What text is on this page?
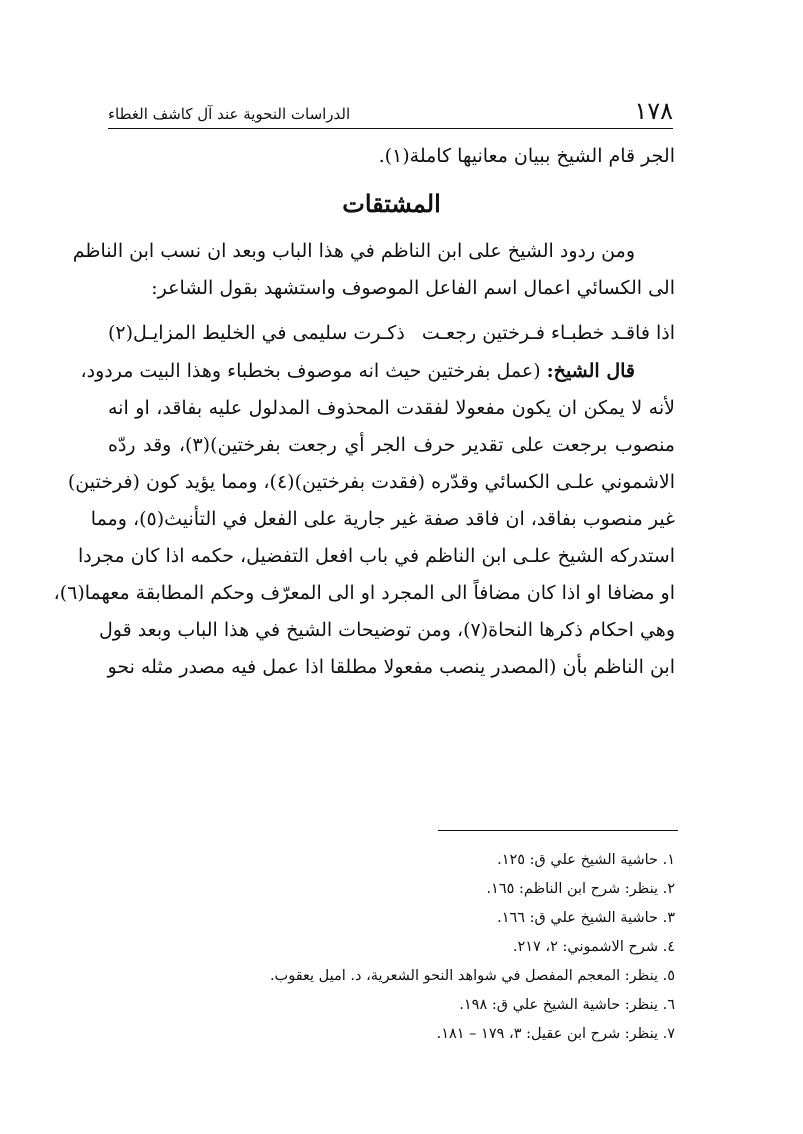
١٧٨
الدراسات النحوية عند آل كاشف الغطاء
الجر قام الشيخ ببيان معانيها كاملة(١).
المشتقات
ومن ردود الشيخ على ابن الناظم في هذا الباب وبعد ان نسب ابن الناظم
الى الكسائي اعمال اسم الفاعل الموصوف واستشهد بقول الشاعر:
اذا فاقـد خطبـاء فـرختين رجعـت
ذكـرت سليمى في الخليط المزايـل(٢)
قال الشيخ: (عمل بفرختين حيث انه موصوف بخطباء وهذا البيت مردود،
لأنه لا يمكن ان يكون مفعولا لفقدت المحذوف المدلول عليه بفاقد، او انه
منصوب برجعت على تقدير حرف الجر أي رجعت بفرختين)(٣)، وقد ردّه
الاشموني علـى الكسائي وقدّره (فقدت بفرختين)(٤)، ومما يؤيد كون (فرختين)
غير منصوب بفاقد، ان فاقد صفة غير جارية على الفعل في التأنيث(٥)، ومما
استدركه الشيخ علـى ابن الناظم في باب افعل التفضيل، حكمه اذا كان مجردا
او مضافا او اذا كان مضافاً الى المجرد او الى المعرّف وحكم المطابقة معهما(٦)،
وهي احكام ذكرها النحاة(٧)، ومن توضيحات الشيخ في هذا الباب وبعد قول
ابن الناظم بأن (المصدر ينصب مفعولا مطلقا اذا عمل فيه مصدر مثله نحو
١. حاشية الشيخ علي ق: ١٢٥.
٢. ينظر: شرح ابن الناظم: ١٦٥.
٣. حاشية الشيخ علي ق: ١٦٦.
٤. شرح الاشموني: ٢، ٢١٧.
٥. ينظر: المعجم المفصل في شواهد النحو الشعرية، د. اميل يعقوب.
٦. ينظر: حاشية الشيخ علي ق: ١٩٨.
٧. ينظر: شرح ابن عقيل: ٣، ١٧٩ – ١٨١.
